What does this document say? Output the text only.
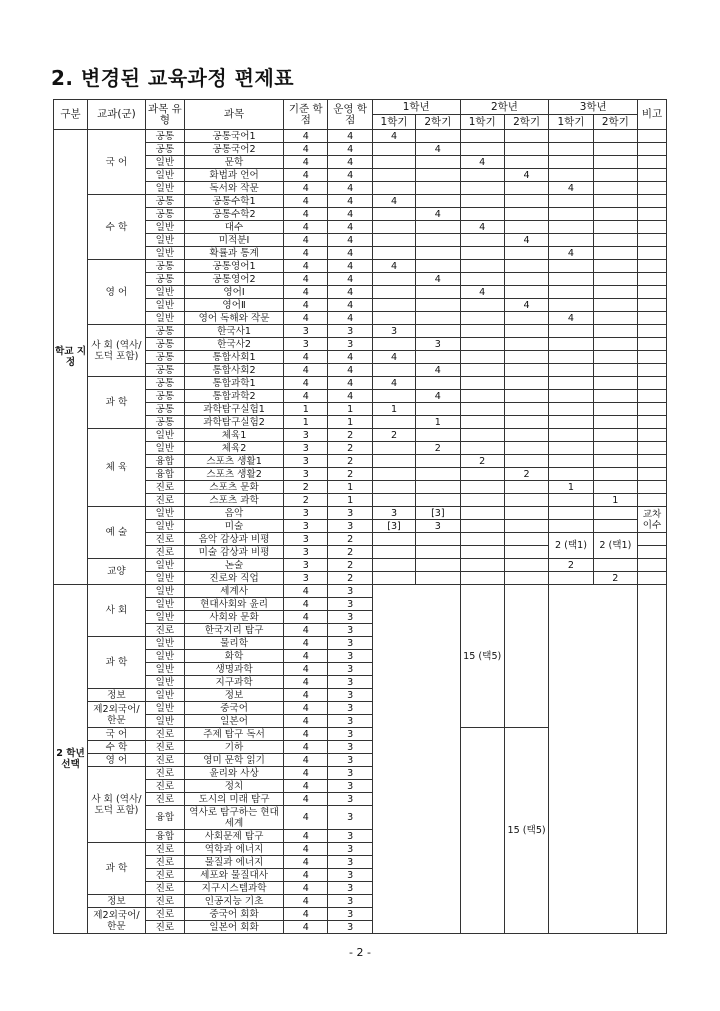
2. 변경된 교육과정 편제표
구분	교과(군)	과목 유형	과목	기준 학점	운영 학점	1학년		2학년		3학년		비고
						1학기	2학기	1학기	2학기	1학기	2학기	
학교 지정	국 어	공통	공통국어1	4	4	4						
		공통	공통국어2	4	4		4					
		일반	문학	4	4			4				
		일반	화법과 언어	4	4				4			
		일반	독서와 작문	4	4					4		
	수 학	공통	공통수학1	4	4	4						
		공통	공통수학2	4	4		4					
		일반	대수	4	4			4				
		일반	미적분Ⅰ	4	4				4			
		일반	확률과 통계	4	4					4		
	영 어	공통	공통영어1	4	4	4						
		공통	공통영어2	4	4		4					
		일반	영어Ⅰ	4	4			4				
		일반	영어Ⅱ	4	4				4			
		일반	영어 독해와 작문	4	4					4		
	사 회 (역사/도덕 포함)	공통	한국사1	3	3	3						
		공통	한국사2	3	3		3					
		공통	통합사회1	4	4	4						
		공통	통합사회2	4	4		4					
	과 학	공통	통합과학1	4	4	4						
		공통	통합과학2	4	4		4					
		공통	과학탐구실험1	1	1	1						
		공통	과학탐구실험2	1	1		1					
	체 육	일반	체육1	3	2	2						
		일반	체육2	3	2		2					
		융합	스포츠 생활1	3	2			2				
		융합	스포츠 생활2	3	2				2			
		진로	스포츠 문화	2	1					1		
		진로	스포츠 과학	2	1						1	
	예 술	일반	음악	3	3	3	[3]					교차 이수
		일반	미술	3	3	[3]	3					
		진로	음악 감상과 비평	3	2					2 (택1)	2 (택1)	
		진로	미술 감상과 비평	3	2							
	교양	일반	논술	3	2					2		
		일반	진로와 직업	3	2						2	
2 학년 선택	사 회	일반	세계사	4	3			15 (택5)				
		일반	현대사회와 윤리	4	3							
		일반	사회와 문화	4	3							
		진로	한국지리 탐구	4	3							
	과 학	일반	물리학	4	3							
		일반	화학	4	3							
		일반	생명과학	4	3							
		일반	지구과학	4	3							
	정보	일반	정보	4	3							
	제2외국어/ 한문	일반	중국어	4	3							
		일반	일본어	4	3							
	국 어	진로	주제 탐구 독서	4	3				15 (택5)			
	수 학	진로	기하	4	3							
	영 어	진로	영미 문학 읽기	4	3							
	사 회 (역사/도덕 포함)	진로	윤리와 사상	4	3							
		진로	정치	4	3							
		진로	도시의 미래 탐구	4	3							
		융합	역사로 탐구하는 현대 세계	4	3							
		융합	사회문제 탐구	4	3							
	과 학	진로	역학과 에너지	4	3							
		진로	물질과 에너지	4	3							
		진로	세포와 물질대사	4	3							
		진로	지구시스템과학	4	3							
	정보	진로	인공지능 기초	4	3							
	제2외국어/ 한문	진로	중국어 회화	4	3							
		진로	일본어 회화	4	3							
- 2 -
